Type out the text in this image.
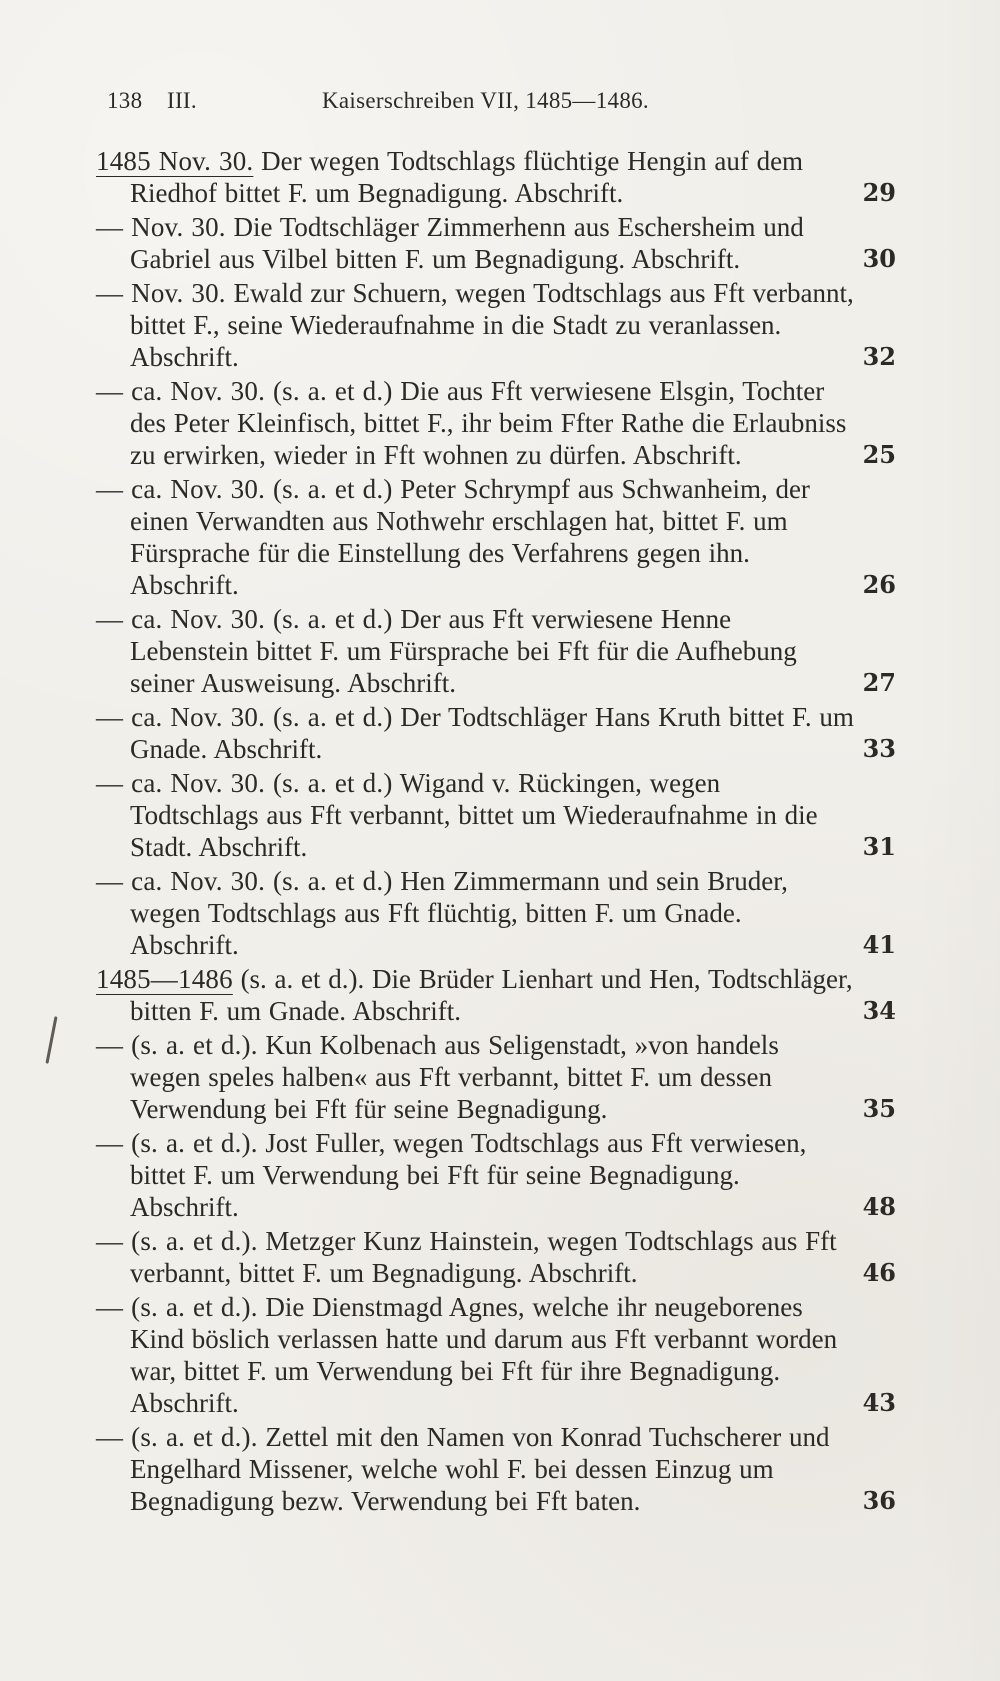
138 III.	Kaiserschreiben VII, 1485—1486.
1485 Nov. 30. Der wegen Todtschlags flüchtige Hengin auf dem Riedhof bittet F. um Begnadigung. Abschrift.	29
— Nov. 30. Die Todtschläger Zimmerhenn aus Eschersheim und Gabriel aus Vilbel bitten F. um Begnadigung. Abschrift.	30
— Nov. 30. Ewald zur Schuern, wegen Todtschlags aus Fft verbannt, bittet F., seine Wiederaufnahme in die Stadt zu veranlassen. Abschrift.	32
— ca. Nov. 30. (s. a. et d.) Die aus Fft verwiesene Elsgin, Tochter des Peter Kleinfisch, bittet F., ihr beim Ffter Rathe die Erlaubniss zu erwirken, wieder in Fft wohnen zu dürfen. Abschrift.	25
— ca. Nov. 30. (s. a. et d.) Peter Schrympf aus Schwanheim, der einen Verwandten aus Nothwehr erschlagen hat, bittet F. um Fürsprache für die Einstellung des Verfahrens gegen ihn. Abschrift.	26
— ca. Nov. 30. (s. a. et d.) Der aus Fft verwiesene Henne Lebenstein bittet F. um Fürsprache bei Fft für die Aufhebung seiner Ausweisung. Abschrift.	27
— ca. Nov. 30. (s. a. et d.) Der Todtschläger Hans Kruth bittet F. um Gnade. Abschrift.	33
— ca. Nov. 30. (s. a. et d.) Wigand v. Rückingen, wegen Todtschlags aus Fft verbannt, bittet um Wiederaufnahme in die Stadt. Abschrift.	31
— ca. Nov. 30. (s. a. et d.) Hen Zimmermann und sein Bruder, wegen Todtschlags aus Fft flüchtig, bitten F. um Gnade. Abschrift.	41
1485—1486 (s. a. et d.). Die Brüder Lienhart und Hen, Todtschläger, bitten F. um Gnade. Abschrift.	34
— (s. a. et d.). Kun Kolbenach aus Seligenstadt, »von handels wegen speles halben« aus Fft verbannt, bittet F. um dessen Verwendung bei Fft für seine Begnadigung.	35
— (s. a. et d.). Jost Fuller, wegen Todtschlags aus Fft verwiesen, bittet F. um Verwendung bei Fft für seine Begnadigung. Abschrift.	48
— (s. a. et d.). Metzger Kunz Hainstein, wegen Todtschlags aus Fft verbannt, bittet F. um Begnadigung. Abschrift.	46
— (s. a. et d.). Die Dienstmagd Agnes, welche ihr neugeborenes Kind böslich verlassen hatte und darum aus Fft verbannt worden war, bittet F. um Verwendung bei Fft für ihre Begnadigung. Abschrift.	43
— (s. a. et d.). Zettel mit den Namen von Konrad Tuchscherer und Engelhard Missener, welche wohl F. bei dessen Einzug um Begnadigung bezw. Verwendung bei Fft baten.	36
